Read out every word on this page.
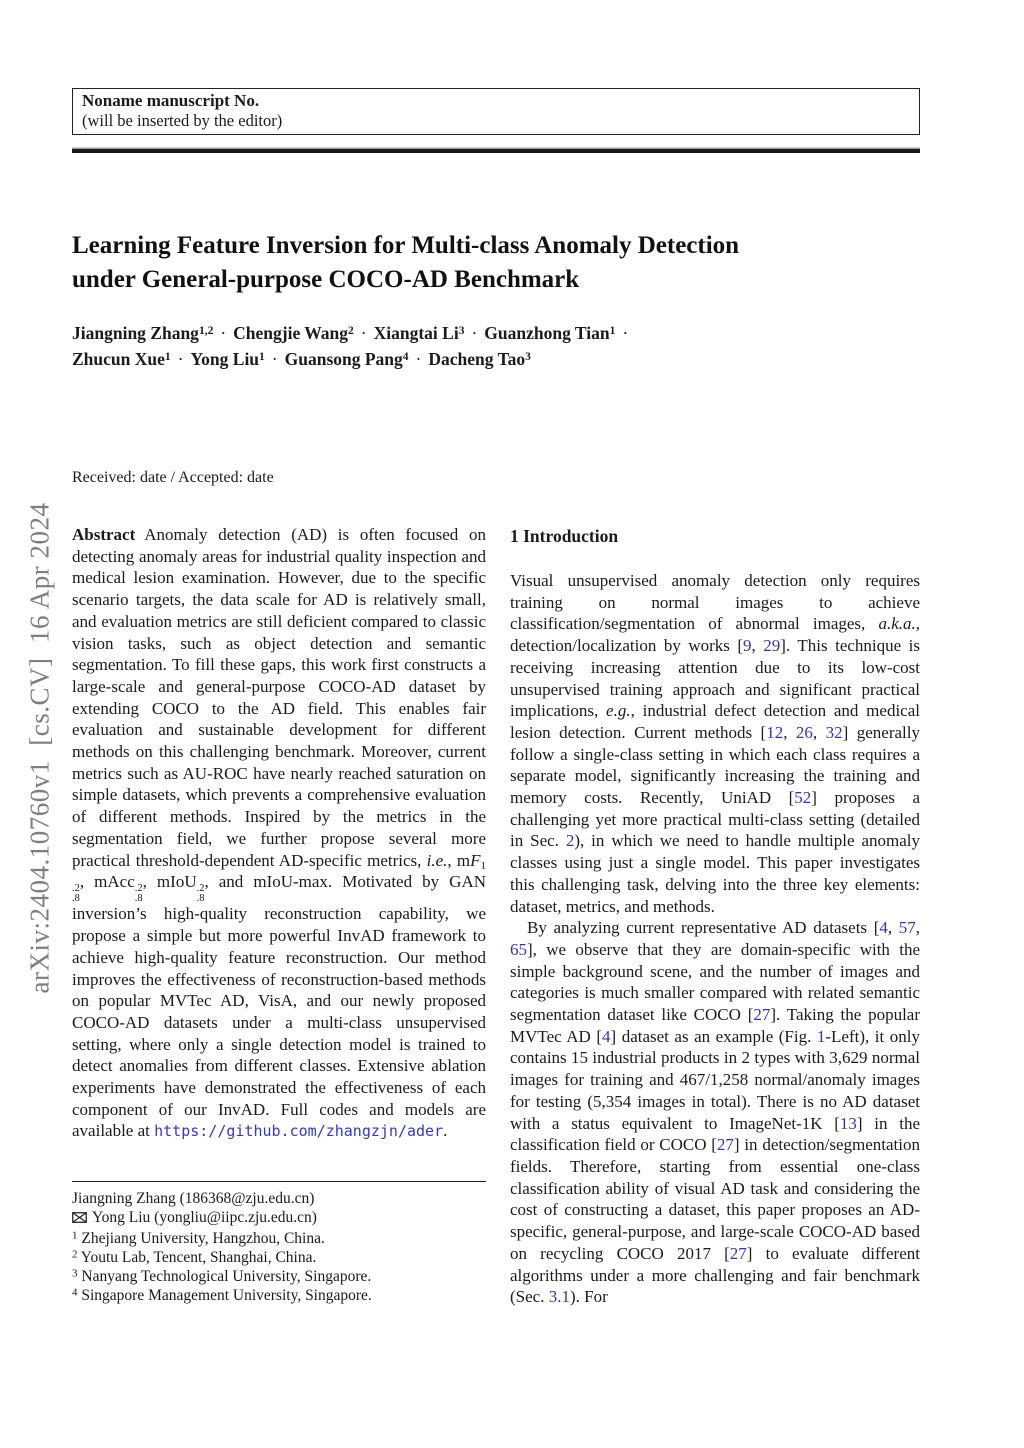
arXiv:2404.10760v1  [cs.CV]  16 Apr 2024
Noname manuscript No.
(will be inserted by the editor)
Learning Feature Inversion for Multi-class Anomaly Detection
under General-purpose COCO-AD Benchmark
Jiangning Zhang$^{1,2}$ · Chengjie Wang$^2$ · Xiangtai $Li^3$ · Guanzhong Tian$^1$ ·
Zhucun Xue$^1$ · Yong Liu$^1$ · Guansong Pang$^4$ · Dacheng Tao$^3$
Received: date / Accepted: date

Abstract Anomaly detection (AD) is often focused on detecting anomaly areas for industrial quality inspection and medical lesion examination. However, due to the specific scenario targets, the data scale for AD is relatively small, and evaluation metrics are still deficient compared to classic vision tasks, such as object detection and semantic segmentation. To fill these gaps, this work first constructs a large-scale and general-purpose COCO-AD dataset by extending COCO to the AD field. This enables fair evaluation and sustainable development for different methods on this challenging benchmark. Moreover, current metrics such as AU-ROC have nearly reached saturation on simple datasets, which prevents a comprehensive evaluation of different methods. Inspired by the metrics in the segmentation field, we further propose several more practical threshold-dependent AD-specific metrics, i.e., mF1
.2
.8
, mAcc .2
.8
, mIoU .2
.8
, and mIoU-max. Motivated by GAN inversion’s high-quality reconstruction capability, we propose a simple but more powerful InvAD framework to achieve high-quality feature reconstruction. Our method improves the effectiveness of reconstruction-based methods on popular MVTec AD, VisA, and our newly proposed COCO-AD datasets under a multi-class unsupervised setting, where only a single detection model is trained to detect anomalies from different classes. Extensive ablation experiments have demonstrated the effectiveness of each component of our InvAD. Full codes and models are available at https://github.com/zhangzjn/ader.

1 Introduction

Visual unsupervised anomaly detection only requires training on normal images to achieve classification/segmentation of abnormal images, a.k.a., detection/localization by works [9, 29]. This technique is receiving increasing attention due to its low-cost unsupervised training approach and significant practical implications, e.g., industrial defect detection and medical lesion detection. Current methods [12, 26, 32] generally follow a single-class setting in which each class requires a separate model, significantly increasing the training and memory costs. Recently, UniAD [52] proposes a challenging yet more practical multi-class setting (detailed in Sec. 2), in which we need to handle multiple anomaly classes using just a single model. This paper investigates this challenging task, delving into the three key elements: dataset, metrics, and methods.

By analyzing current representative AD datasets [4, 57, 65], we observe that they are domain-specific with the simple background scene, and the number of images and categories is much smaller compared with related semantic segmentation dataset like COCO [27]. Taking the popular MVTec AD [4] dataset as an example (Fig. 1-Left), it only contains 15 industrial products in 2 types with 3,629 normal images for training and 467/1,258 normal/anomaly images for testing (5,354 images in total). There is no AD dataset with a status equivalent to ImageNet-1K [13] in the classification field or COCO [27] in detection/segmentation fields. Therefore, starting from essential one-class classification ability of visual AD task and considering the cost of constructing a dataset, this paper proposes an AD-specific, general-purpose, and large-scale COCO-AD based on recycling COCO 2017 [27] to evaluate different algorithms under a more challenging and fair benchmark (Sec. 3.1). For

Jiangning Zhang (186368@zju.edu.cn)
Yong Liu (yongliu@iipc.zju.edu.cn)
$^1$ Zhejiang University, Hangzhou, China.
$^2$ Youtu Lab, Tencent, Shanghai, China.
$^3$ Nanyang Technological University, Singapore.
$^4$ Singapore Management University, Singapore.
